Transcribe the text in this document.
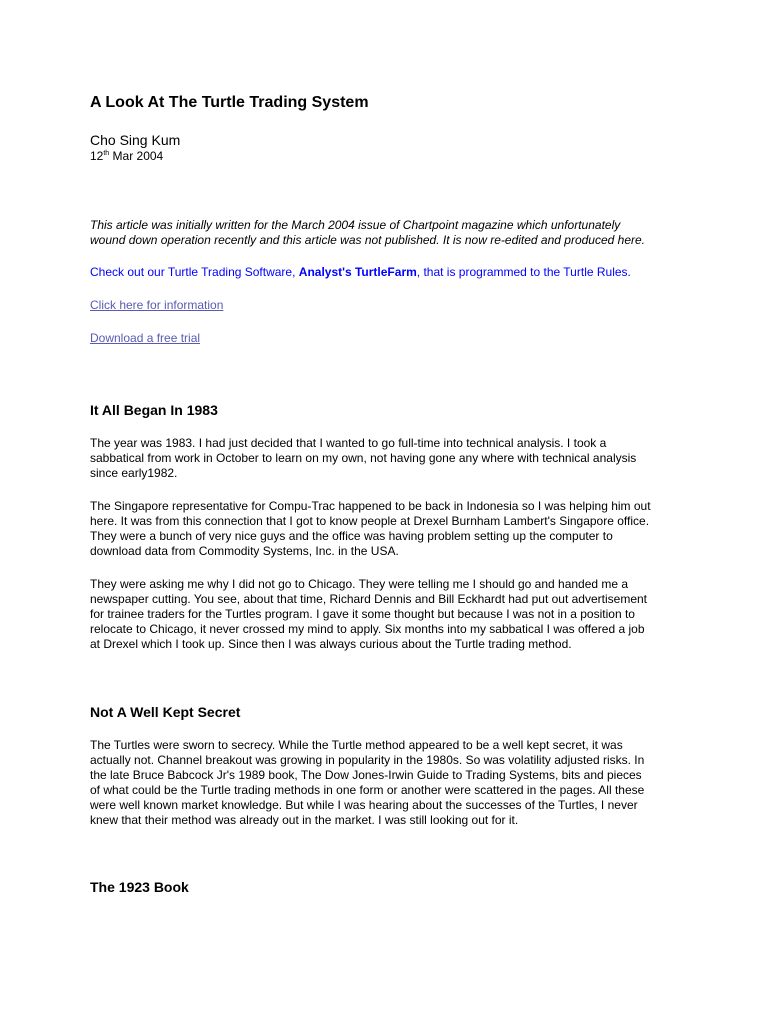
A Look At The Turtle Trading System
Cho Sing Kum
12th Mar 2004

This article was initially written for the March 2004 issue of Chartpoint magazine which unfortunately
wound down operation recently and this article was not published. It is now re-edited and produced here.

Check out our Turtle Trading Software, Analyst's TurtleFarm, that is programmed to the Turtle Rules.

Click here for information
Download a free trial
It All Began In 1983

The year was 1983. I had just decided that I wanted to go full-time into technical analysis. I took a
sabbatical from work in October to learn on my own, not having gone any where with technical analysis
since early1982.

The Singapore representative for Compu-Trac happened to be back in Indonesia so I was helping him out
here. It was from this connection that I got to know people at Drexel Burnham Lambert's Singapore office.
They were a bunch of very nice guys and the office was having problem setting up the computer to
download data from Commodity Systems, Inc. in the USA.

They were asking me why I did not go to Chicago. They were telling me I should go and handed me a
newspaper cutting. You see, about that time, Richard Dennis and Bill Eckhardt had put out advertisement
for trainee traders for the Turtles program. I gave it some thought but because I was not in a position to
relocate to Chicago, it never crossed my mind to apply. Six months into my sabbatical I was offered a job
at Drexel which I took up. Since then I was always curious about the Turtle trading method.

Not A Well Kept Secret

The Turtles were sworn to secrecy. While the Turtle method appeared to be a well kept secret, it was
actually not. Channel breakout was growing in popularity in the 1980s. So was volatility adjusted risks. In
the late Bruce Babcock Jr's 1989 book, The Dow Jones-Irwin Guide to Trading Systems, bits and pieces
of what could be the Turtle trading methods in one form or another were scattered in the pages. All these
were well known market knowledge. But while I was hearing about the successes of the Turtles, I never
knew that their method was already out in the market. I was still looking out for it.

The 1923 Book
